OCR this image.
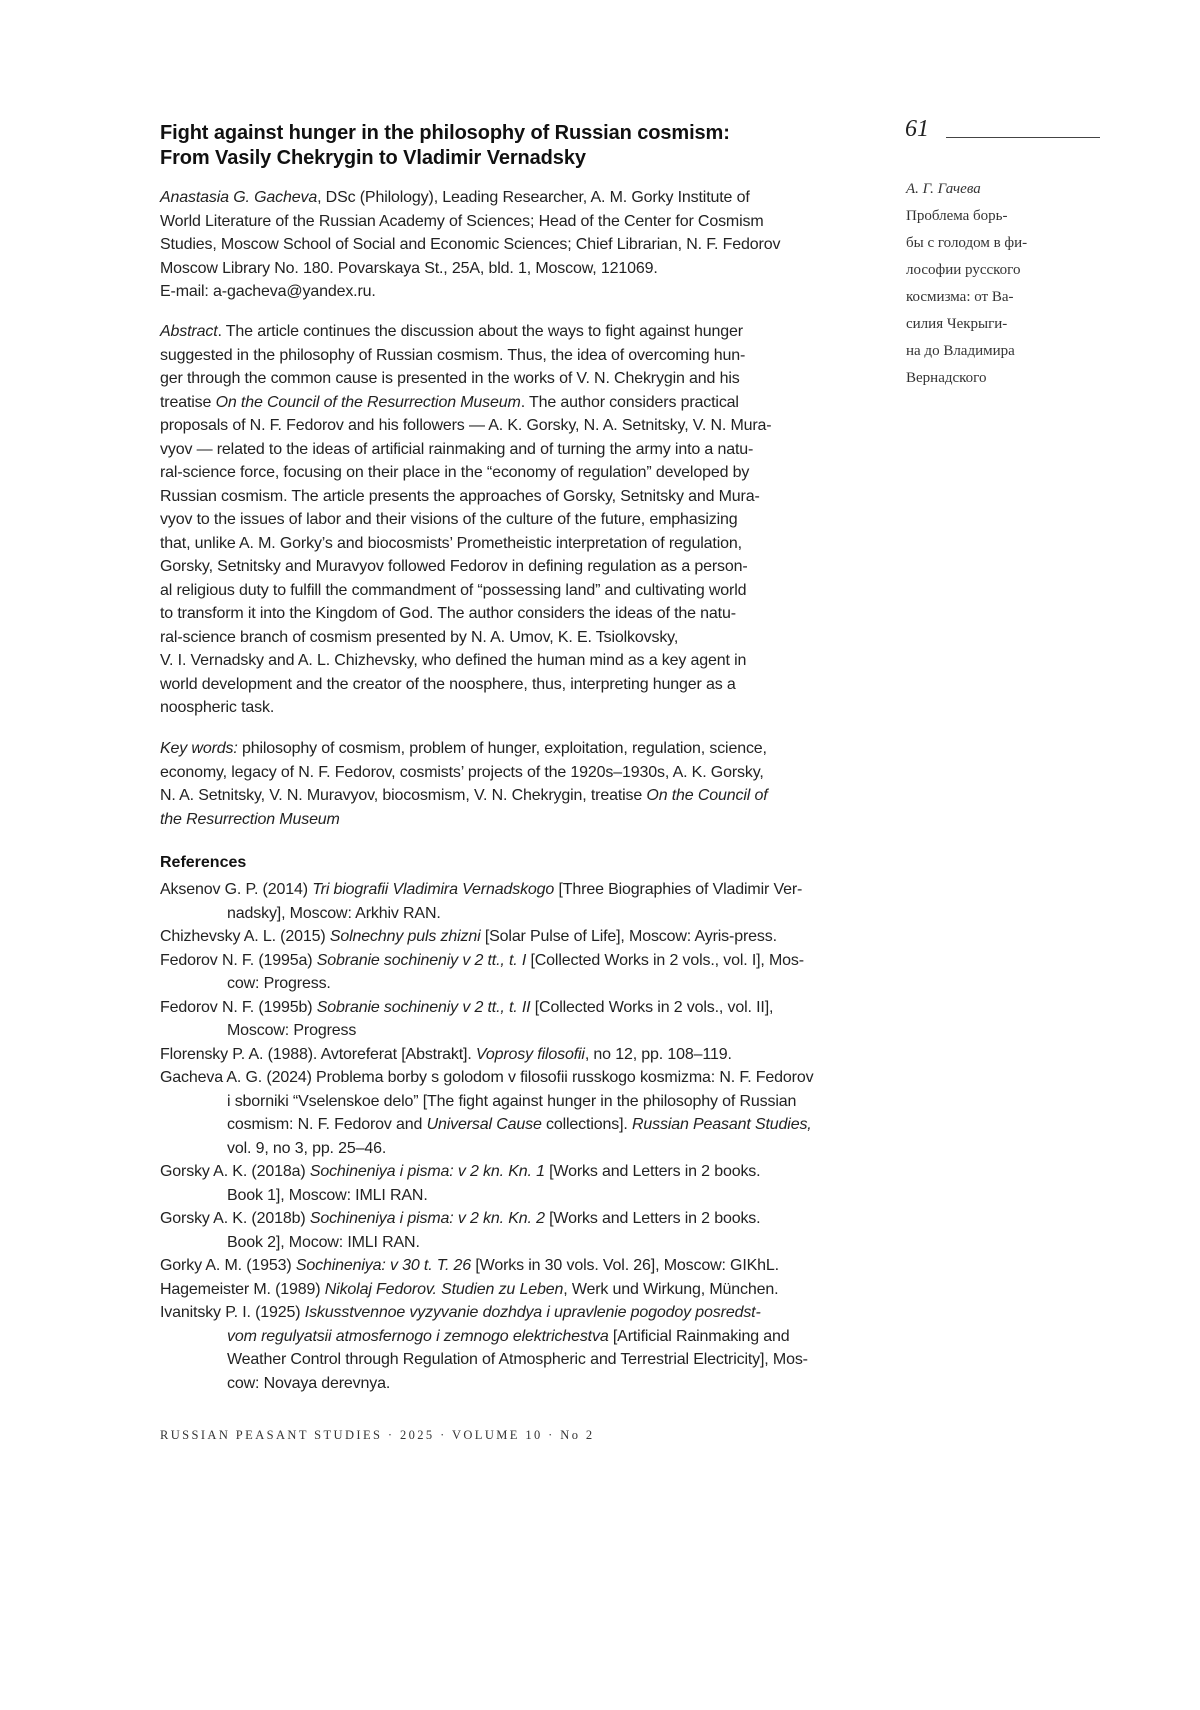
Fight against hunger in the philosophy of Russian cosmism:
From Vasily Chekrygin to Vladimir Vernadsky
61
А. Г. Гачева
Проблема борь-
бы с голодом в фи-
лософии русского
космизма: от Ва-
силия Чекрыги-
на до Владимира
Вернадского
Anastasia G. Gacheva, DSc (Philology), Leading Researcher, A. M. Gorky Institute of
World Literature of the Russian Academy of Sciences; Head of the Center for Cosmism
Studies, Moscow School of Social and Economic Sciences; Chief Librarian, N. F. Fedorov
Moscow Library No. 180. Povarskaya St., 25A, bld. 1, Moscow, 121069.
E-mail: a-gacheva@yandex.ru.
Abstract. The article continues the discussion about the ways to fight against hunger
suggested in the philosophy of Russian cosmism. Thus, the idea of overcoming hun-
ger through the common cause is presented in the works of V. N. Chekrygin and his
treatise On the Council of the Resurrection Museum. The author considers practical
proposals of N. F. Fedorov and his followers — A. K. Gorsky, N. A. Setnitsky, V. N. Mura-
vyov — related to the ideas of artificial rainmaking and of turning the army into a natu-
ral-science force, focusing on their place in the “economy of regulation” developed by
Russian cosmism. The article presents the approaches of Gorsky, Setnitsky and Mura-
vyov to the issues of labor and their visions of the culture of the future, emphasizing
that, unlike A. M. Gorky’s and biocosmists’ Prometheistic interpretation of regulation,
Gorsky, Setnitsky and Muravyov followed Fedorov in defining regulation as a person-
al religious duty to fulfill the commandment of “possessing land” and cultivating world
to transform it into the Kingdom of God. The author considers the ideas of the natu-
ral-science branch of cosmism presented by N. A. Umov, K. E. Tsiolkovsky,
V. I. Vernadsky and A. L. Chizhevsky, who defined the human mind as a key agent in
world development and the creator of the noosphere, thus, interpreting hunger as a
noospheric task.
Key words: philosophy of cosmism, problem of hunger, exploitation, regulation, science,
economy, legacy of N. F. Fedorov, cosmists’ projects of the 1920s–1930s, A. K. Gorsky,
N. A. Setnitsky, V. N. Muravyov, biocosmism, V. N. Chekrygin, treatise On the Council of
the Resurrection Museum
References
Aksenov G. P. (2014) Tri biografii Vladimira Vernadskogo [Three Biographies of Vladimir Ver-
nadsky], Moscow: Arkhiv RAN.
Chizhevsky A. L. (2015) Solnechny puls zhizni [Solar Pulse of Life], Moscow: Ayris-press.
Fedorov N. F. (1995a) Sobranie sochineniy v 2 tt., t. I [Collected Works in 2 vols., vol. I], Mos-
cow: Progress.
Fedorov N. F. (1995b) Sobranie sochineniy v 2 tt., t. II [Collected Works in 2 vols., vol. II],
Moscow: Progress
Florensky P. A. (1988). Avtoreferat [Abstrakt]. Voprosy filosofii, no 12, pp. 108–119.
Gacheva A. G. (2024) Problema borby s golodom v filosofii russkogo kosmizma: N. F. Fedorov
i sborniki “Vselenskoe delo” [The fight against hunger in the philosophy of Russian
cosmism: N. F. Fedorov and Universal Cause collections]. Russian Peasant Studies,
vol. 9, no 3, pp. 25–46.
Gorsky A. K. (2018a) Sochineniya i pisma: v 2 kn. Kn. 1 [Works and Letters in 2 books.
Book 1], Moscow: IMLI RAN.
Gorsky A. K. (2018b) Sochineniya i pisma: v 2 kn. Kn. 2 [Works and Letters in 2 books.
Book 2], Mocow: IMLI RAN.
Gorky A. M. (1953) Sochineniya: v 30 t. T. 26 [Works in 30 vols. Vol. 26], Moscow: GIKhL.
Hagemeister M. (1989) Nikolaj Fedorov. Studien zu Leben, Werk und Wirkung, München.
Ivanitsky P. I. (1925) Iskusstvennoe vyzyvanie dozhdya i upravlenie pogodoy posredst-
vom regulyatsii atmosfernogo i zemnogo elektrichestva [Artificial Rainmaking and
Weather Control through Regulation of Atmospheric and Terrestrial Electricity], Mos-
cow: Novaya derevnya.
RUSSIAN PEASANT STUDIES · 2025 · VOLUME 10 · No 2
